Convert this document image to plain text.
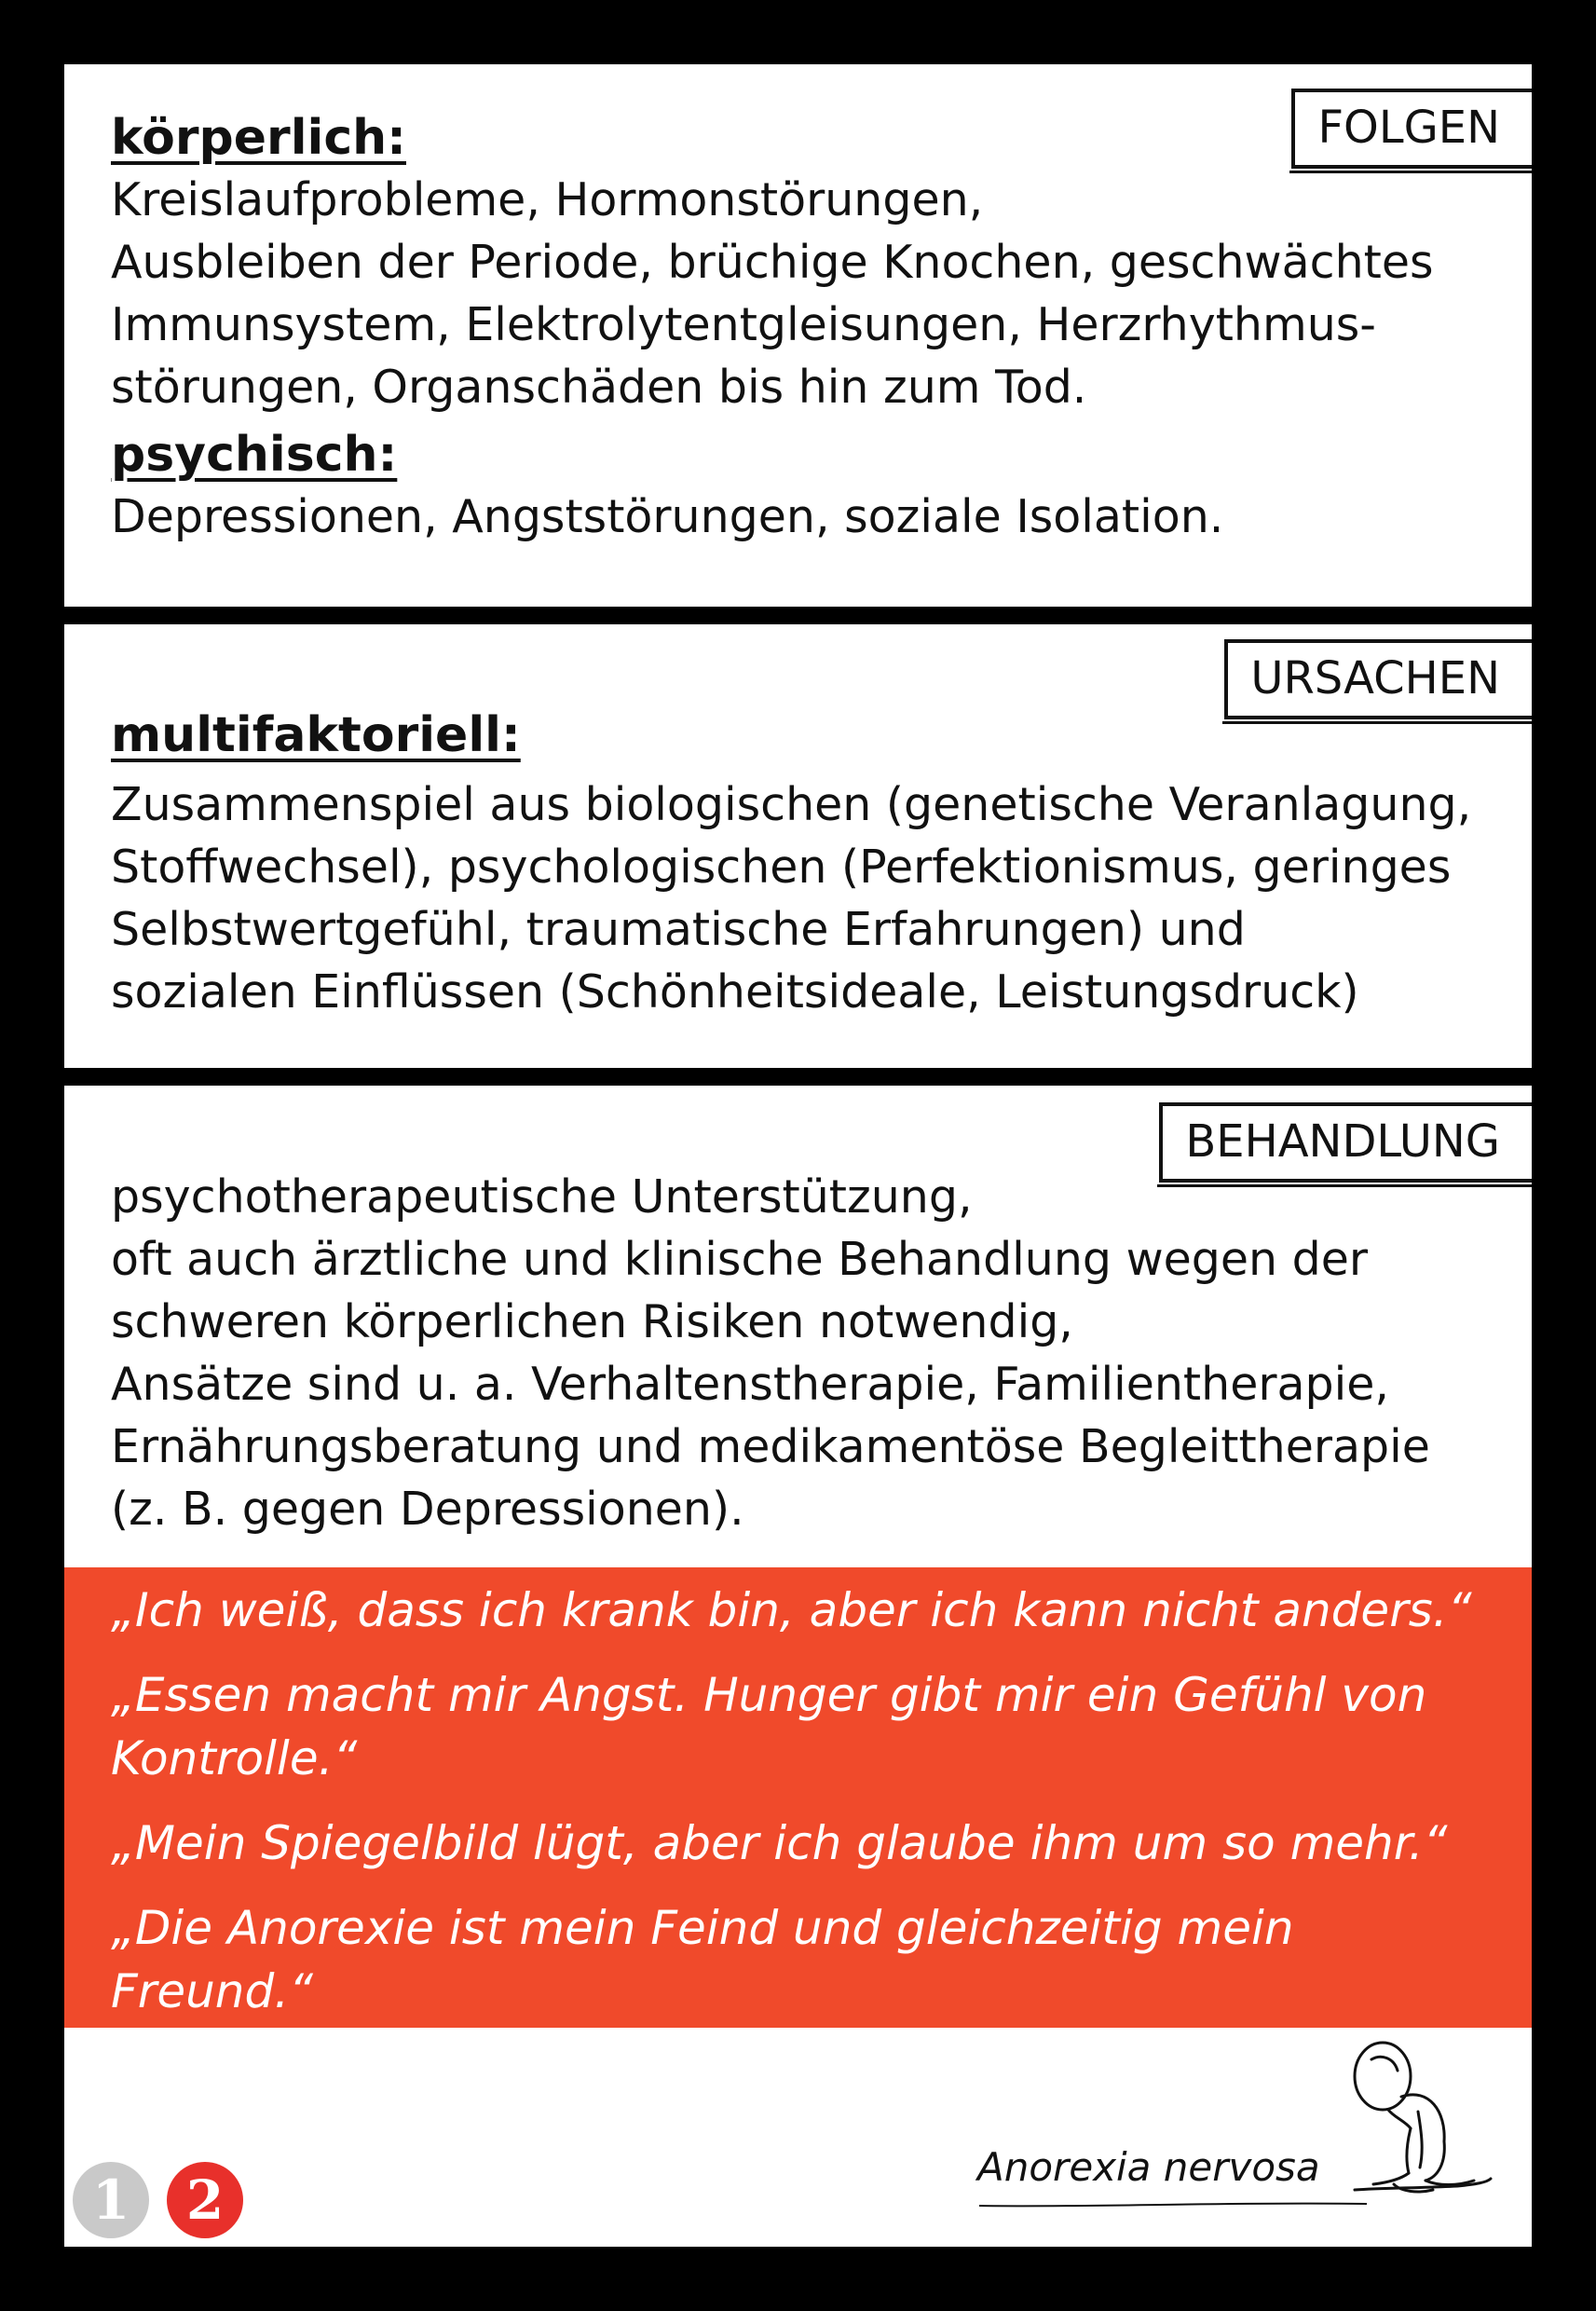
FOLGEN
körperlich:
Kreislaufprobleme, Hormonstörungen,
Ausbleiben der Periode, brüchige Knochen, geschwächtes
Immunsystem, Elektrolytentgleisungen, Herzrhythmus-
störungen, Organschäden bis hin zum Tod.
psychisch:
Depressionen, Angststörungen, soziale Isolation.
URSACHEN
multifaktoriell:
Zusammenspiel aus biologischen (genetische Veranlagung,
Stoffwechsel), psychologischen (Perfektionismus, geringes
Selbstwertgefühl, traumatische Erfahrungen) und
sozialen Einflüssen (Schönheitsideale, Leistungsdruck)
BEHANDLUNG
psychotherapeutische Unterstützung,
oft auch ärztliche und klinische Behandlung wegen der
schweren körperlichen Risiken notwendig,
Ansätze sind u. a. Verhaltenstherapie, Familientherapie,
Ernährungsberatung und medikamentöse Begleittherapie
(z. B. gegen Depressionen).

„Ich weiß, dass ich krank bin, aber ich kann nicht anders.“

„Essen macht mir Angst. Hunger gibt mir ein Gefühl von
Kontrolle.“

„Mein Spiegelbild lügt, aber ich glaube ihm um so mehr.“

„Die Anorexie ist mein Feind und gleichzeitig mein
Freund.“

Anorexia nervosa

1	2
